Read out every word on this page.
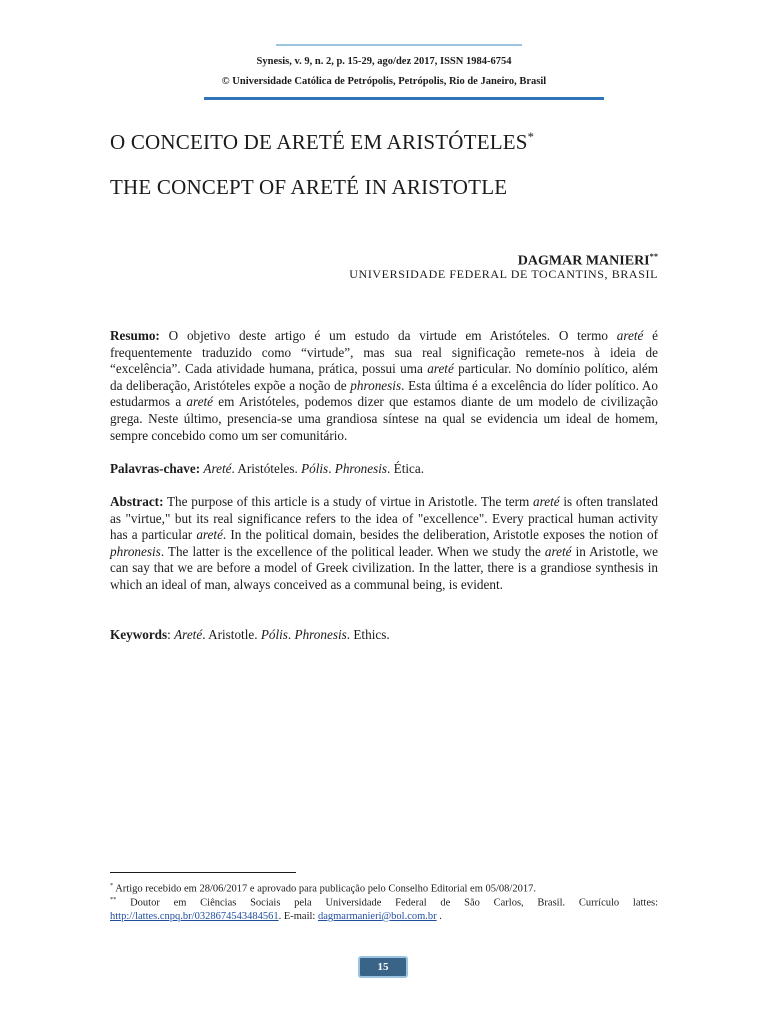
Synesis, v. 9, n. 2, p. 15-29, ago/dez 2017, ISSN 1984-6754
© Universidade Católica de Petrópolis, Petrópolis, Rio de Janeiro, Brasil
O CONCEITO DE ARETÉ EM ARISTÓTELES*
THE CONCEPT OF ARETÉ IN ARISTOTLE
DAGMAR MANIERI**
UNIVERSIDADE FEDERAL DE TOCANTINS, BRASIL

Resumo: O objetivo deste artigo é um estudo da virtude em Aristóteles. O termo areté é frequentemente traduzido como “virtude”, mas sua real significação remete-nos à ideia de “excelência”. Cada atividade humana, prática, possui uma areté particular. No domínio político, além da deliberação, Aristóteles expõe a noção de phronesis. Esta última é a excelência do líder político. Ao estudarmos a areté em Aristóteles, podemos dizer que estamos diante de um modelo de civilização grega. Neste último, presencia-se uma grandiosa síntese na qual se evidencia um ideal de homem, sempre concebido como um ser comunitário.

Palavras-chave: Areté. Aristóteles. Pólis. Phronesis. Ética.

Abstract: The purpose of this article is a study of virtue in Aristotle. The term areté is often translated as "virtue," but its real significance refers to the idea of "excellence". Every practical human activity has a particular areté. In the political domain, besides the deliberation, Aristotle exposes the notion of phronesis. The latter is the excellence of the political leader. When we study the areté in Aristotle, we can say that we are before a model of Greek civilization. In the latter, there is a grandiose synthesis in which an ideal of man, always conceived as a communal being, is evident.

Keywords: Areté. Aristotle. Pólis. Phronesis. Ethics.

* Artigo recebido em 28/06/2017 e aprovado para publicação pelo Conselho Editorial em 05/08/2017.

** Doutor em Ciências Sociais pela Universidade Federal de São Carlos, Brasil. Currículo lattes: http://lattes.cnpq.br/0328674543484561. E-mail: dagmarmanieri@bol.com.br .

15
